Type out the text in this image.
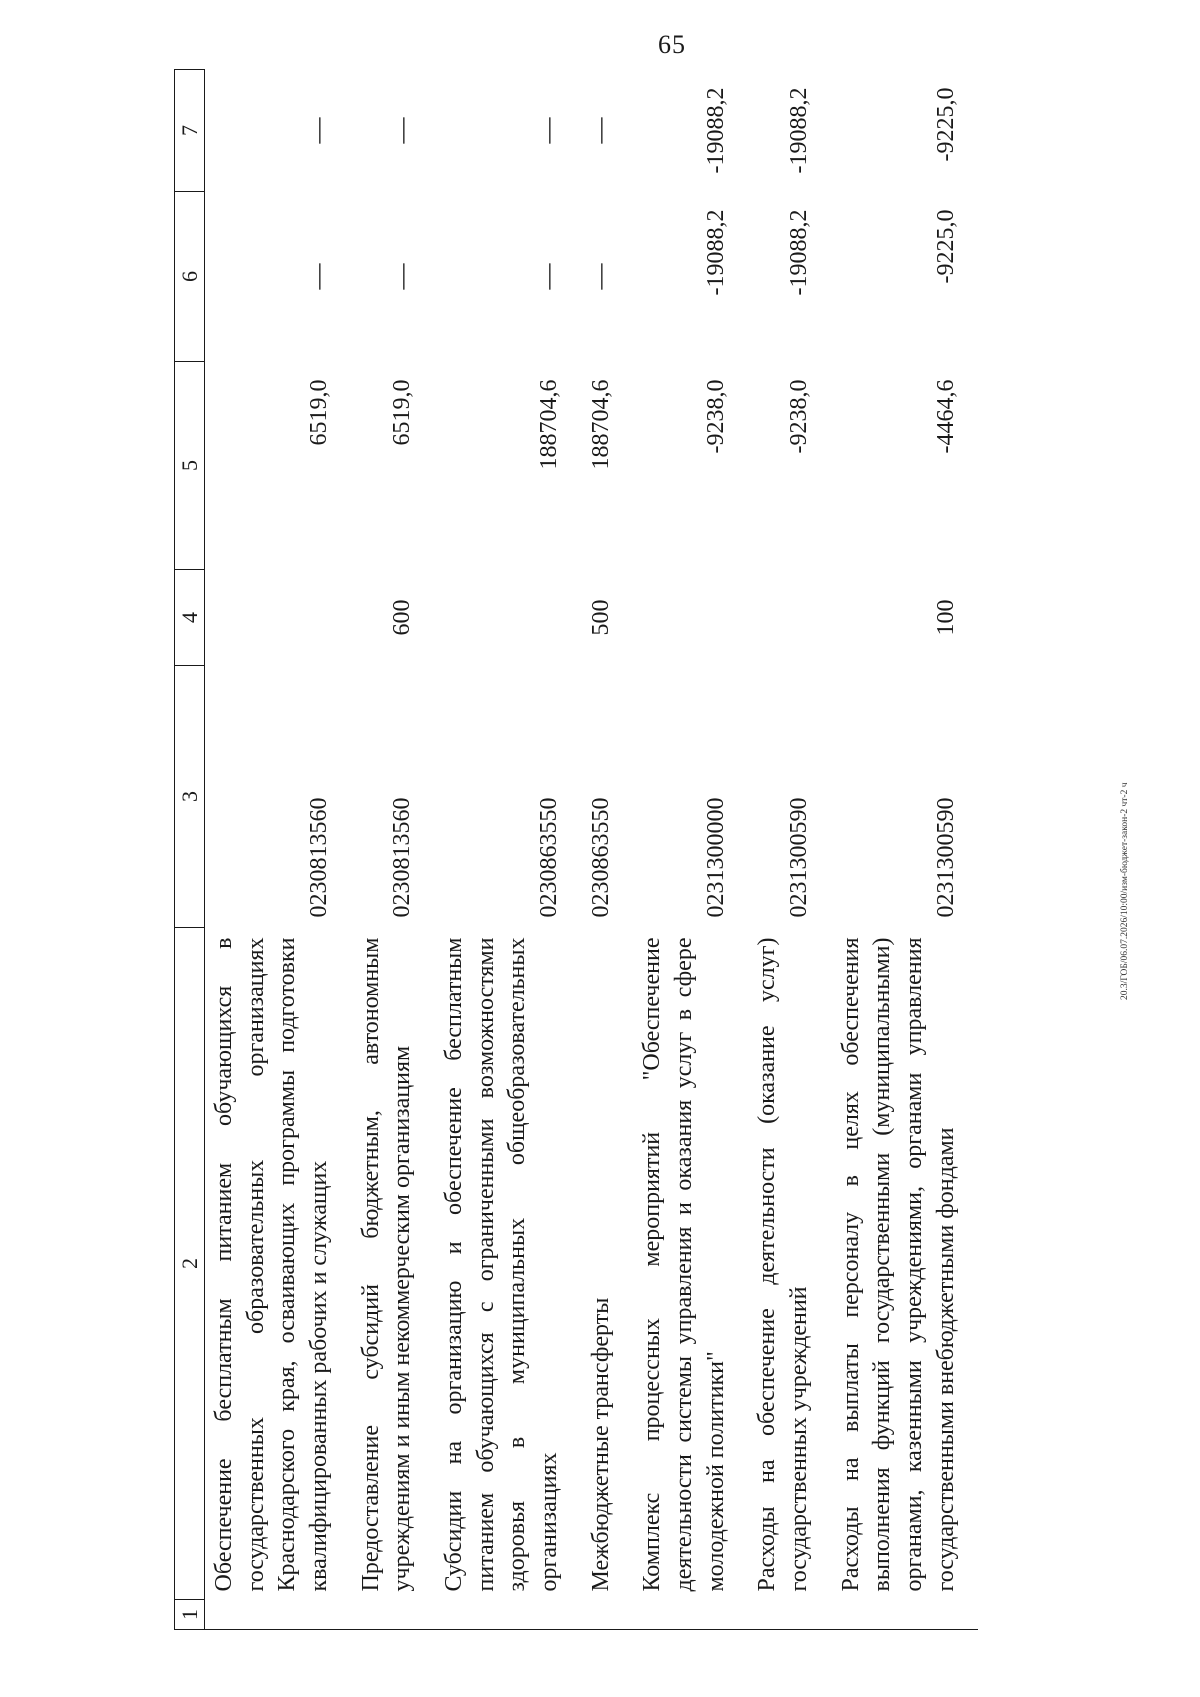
65
20.3/ГОБ/06.07.2026/10:00/изм-бюджет-закон-2 чт-2 ч
1	2	3	4	5	6	7
	Обеспечение бесплатным питанием обучающихся в государственных образовательных организациях Краснодарского края, осваивающих программы подготовки квалифицированных рабочих и служащих	0230813560		6519,0	—	—
	Предоставление субсидий бюджетным, автономным учреждениям и иным некоммерческим организациям	0230813560	600	6519,0	—	—
	Субсидии на организацию и обеспечение бесплатным питанием обучающихся с ограниченными возможностями здоровья в муниципальных общеобразовательных организациях	0230863550		188704,6	—	—
	Межбюджетные трансферты	0230863550	500	188704,6	—	—
	Комплекс процессных мероприятий "Обеспечение деятельности системы управления и оказания услуг в сфере молодежной политики"	0231300000		-9238,0	-19088,2	-19088,2
	Расходы на обеспечение деятельности (оказание услуг) государственных учреждений	0231300590		-9238,0	-19088,2	-19088,2
	Расходы на выплаты персоналу в целях обеспечения выполнения функций государственными (муниципальными) органами, казенными учреждениями, органами управления государственными внебюджетными фондами	0231300590	100	-4464,6	-9225,0	-9225,0
